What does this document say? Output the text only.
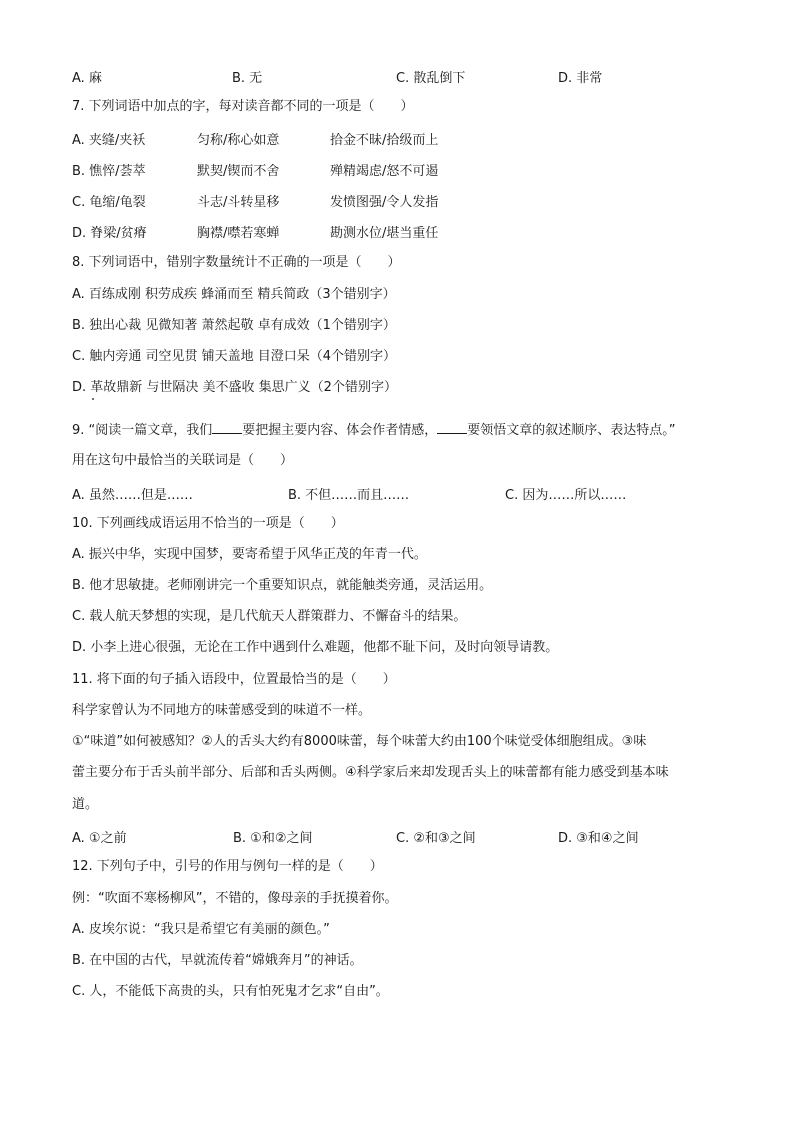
A. 麻	B. 无	C. 散乱倒下	D. 非常
7. 下列词语中加点的字，每对读音都不同的一项是（　　）
A. 夹缝/夹袄	匀称/称心如意	拾金不昧/拾级而上
B. 憔悴/荟萃	默契/锲而不舍	殚精竭虑/怒不可遏
C. 龟缩/龟裂	斗志/斗转星移	发愤图强/令人发指
D. 脊梁/贫瘠	胸襟/噤若寒蝉	勘测水位/堪当重任
8. 下列词语中，错别字数量统计不正确的一项是（　　）
A. 百练成刚 积劳成疾 蜂涌而至 精兵简政（3个错别字）
B. 独出心裁 见微知著 萧然起敬 卓有成效（1个错别字）
C. 触内旁通 司空见贯 铺天盖地 目澄口呆（4个错别字）
D. 革故鼎新 与世隔决 美不盛收 集思广义（2个错别字）
9. “阅读一篇文章，我们 要把握主要内容、体会作者情感， 要领悟文章的叙述顺序、表达特点。”
用在这句中最恰当的关联词是（　　）
A. 虽然……但是……	B. 不但……而且……	C. 因为……所以……
10. 下列画线成语运用不恰当的一项是（　　）
A. 振兴中华，实现中国梦，要寄希望于风华正茂的年青一代。
B. 他才思敏捷。老师刚讲完一个重要知识点，就能触类旁通，灵活运用。
C. 载人航天梦想的实现，是几代航天人群策群力、不懈奋斗的结果。
D. 小李上进心很强，无论在工作中遇到什么难题，他都不耻下问，及时向领导请教。
11. 将下面的句子插入语段中，位置最恰当的是（　　）
科学家曾认为不同地方的味蕾感受到的味道不一样。
①“味道”如何被感知？②人的舌头大约有8000味蕾，每个味蕾大约由100个味觉受体细胞组成。③味
蕾主要分布于舌头前半部分、后部和舌头两侧。④科学家后来却发现舌头上的味蕾都有能力感受到基本味
道。
A. ①之前	B. ①和②之间	C. ②和③之间	D. ③和④之间
12. 下列句子中，引号的作用与例句一样的是（　　）
例：“吹面不寒杨柳风”，不错的，像母亲的手抚摸着你。
A. 皮埃尔说：“我只是希望它有美丽的颜色。”
B. 在中国的古代，早就流传着“嫦娥奔月”的神话。
C. 人，不能低下高贵的头，只有怕死鬼才乞求“自由”。
